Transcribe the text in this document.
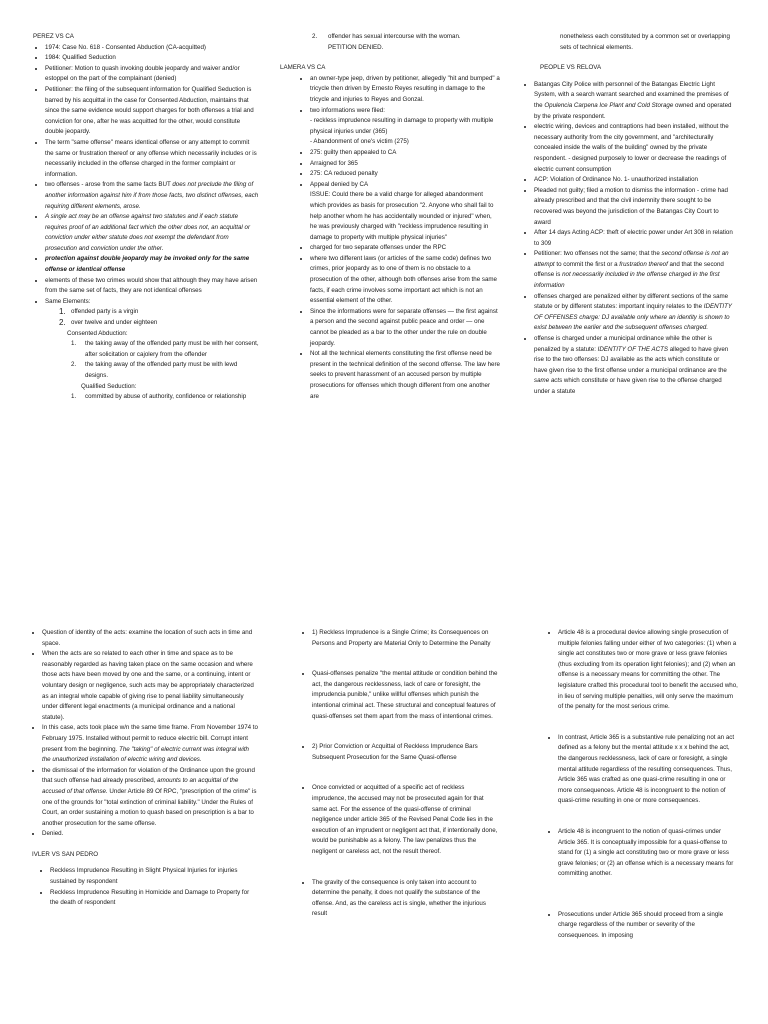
PEREZ VS CA

• 1974: Case No. 618 - Consented Abduction (CA-acquitted)
• 1984: Qualified Seduction
• Petitioner: Motion to quash invoking double jeopardy and waiver and/or estoppel on the part of the complainant (denied)
• Petitioner: the filing of the subsequent information for Qualified Seduction is barred by his acquittal in the case for Consented Abduction, maintains that since the same evidence would support charges for both offenses a trial and conviction for one, after he was acquitted for the other, would constitute double jeopardy.
• The term "same offense" means identical offense or any attempt to commit the same or frustration thereof or any offense which necessarily includes or is necessarily included in the offense charged in the former complaint or information.
• two offenses - arose from the same facts BUT does not preclude the filing of another information against him if from those facts, two distinct offenses, each requiring different elements, arose.
• A single act may be an offense against two statutes and if each statute requires proof of an additional fact which the other does not, an acquittal or conviction under either statute does not exempt the defendant from prosecution and conviction under the other.
• protection against double jeopardy may be invoked only for the same offense or identical offense
• elements of these two crimes would show that although they may have arisen from the same set of facts, they are not identical offenses
• Same Elements:
1. offended party is a virgin
2. over twelve and under eighteen

Consented Abduction:

1.	the taking away of the offended party must be with her consent, after solicitation or cajolery from the offender
2.	the taking away of the offended party must be with lewd designs.

Qualified Seduction:

1.	committed by abuse of authority, confidence or relationship
2.	offender has sexual intercourse with the woman.

PETITION DENIED.

LAMERA VS CA

• an owner-type jeep, driven by petitioner, allegedly "hit and bumped" a tricycle then driven by Ernesto Reyes resulting in damage to the tricycle and injuries to Reyes and Gonzal.
• two informations were filed:
- reckless imprudence resulting in damage to property with multiple physical injuries under (365)
- Abandonment of one's victim (275)
• 275: guilty then appealed to CA
• Arraigned for 365
• 275: CA reduced penalty
• Appeal denied by CA
ISSUE: Could there be a valid charge for alleged abandonment which provides as basis for prosecution "2. Anyone who shall fail to help another whom he has accidentally wounded or injured" when, he was previously charged with "reckless imprudence resulting in damage to property with multiple physical injuries"
• charged for two separate offenses under the RPC
• where two different laws (or articles of the same code) defines two crimes, prior jeopardy as to one of them is no obstacle to a prosecution of the other, although both offenses arise from the same facts, if each crime involves some important act which is not an essential element of the other.
• Since the informations were for separate offenses — the first against a person and the second against public peace and order — one cannot be pleaded as a bar to the other under the rule on double jeopardy.
• Not all the technical elements constituting the first offense need be present in the technical definition of the second offense. The law here seeks to prevent harassment of an accused person by multiple prosecutions for offenses which though different from one another are

nonetheless each constituted by a common set or overlapping sets of technical elements.

PEOPLE VS RELOVA

• Batangas City Police with personnel of the Batangas Electric Light System, with a search warrant searched and examined the premises of the Opulencia Carpena Ice Plant and Cold Storage owned and operated by the private respondent.
• electric wiring, devices and contraptions had been installed, without the necessary authority from the city government, and "architecturally concealed inside the walls of the building" owned by the private respondent. - designed purposely to lower or decrease the readings of electric current consumption
• ACP: Violation of Ordinance No. 1- unauthorized installation
• Pleaded not guilty; filed a motion to dismiss the information - crime had already prescribed and that the civil indemnity there sought to be recovered was beyond the jurisdiction of the Batangas City Court to award
• After 14 days Acting ACP: theft of electric power under Art 308 in relation to 309
• Petitioner: two offenses not the same; that the second offense is not an attempt to commit the first or a frustration thereof and that the second offense is not necessarily included in the offense charged in the first information
• offenses charged are penalized either by different sections of the same statute or by different statutes: important inquiry relates to the IDENTITY OF OFFENSES charge: DJ available only where an identity is shown to exist between the earlier and the subsequent offenses charged.
• offense is charged under a municipal ordinance while the other is penalized by a statute: IDENTITY OF THE ACTS alleged to have given rise to the two offenses: DJ available as the acts which constitute or have given rise to the first offense under a municipal ordinance are the same acts which constitute or have given rise to the offense charged under a statute
• Question of identity of the acts: examine the location of such acts in time and space.
• When the acts are so related to each other in time and space as to be reasonably regarded as having taken place on the same occasion and where those acts have been moved by one and the same, or a continuing, intent or voluntary design or negligence, such acts may be appropriately characterized as an integral whole capable of giving rise to penal liability simultaneously under different legal enactments (a municipal ordinance and a national statute).
• In this case, acts took place w/n the same time frame. From November 1974 to February 1975. Installed without permit to reduce electric bill. Corrupt intent present from the beginning. The "taking" of electric current was integral with the unauthorized installation of electric wiring and devices.
• the dismissal of the information for violation of the Ordinance upon the ground that such offense had already prescribed, amounts to an acquittal of the accused of that offense. Under Article 89 Of RPC, "prescription of the crime" is one of the grounds for "total extinction of criminal liability." Under the Rules of Court, an order sustaining a motion to quash based on prescription is a bar to another prosecution for the same offense.
• Denied.

IVLER VS SAN PEDRO

• Reckless Imprudence Resulting in Slight Physical Injuries for injuries sustained by respondent
• Reckless Imprudence Resulting in Homicide and Damage to Property for the death of respondent
• 1) Reckless Imprudence is a Single Crime; its Consequences on Persons and Property are Material Only to Determine the Penalty
• Quasi-offenses penalize "the mental attitude or condition behind the act, the dangerous recklessness, lack of care or foresight, the imprudencia punible," unlike willful offenses which punish the intentional criminal act. These structural and conceptual features of quasi-offenses set them apart from the mass of intentional crimes.
• 2) Prior Conviction or Acquittal of Reckless Imprudence Bars Subsequent Prosecution for the Same Quasi-offense
• Once convicted or acquitted of a specific act of reckless imprudence, the accused may not be prosecuted again for that same act. For the essence of the quasi-offense of criminal negligence under article 365 of the Revised Penal Code lies in the execution of an imprudent or negligent act that, if intentionally done, would be punishable as a felony. The law penalizes thus the negligent or careless act, not the result thereof.
• The gravity of the consequence is only taken into account to determine the penalty, it does not qualify the substance of the offense. And, as the careless act is single, whether the injurious result
• Article 48 is a procedural device allowing single prosecution of multiple felonies falling under either of two categories: (1) when a single act constitutes two or more grave or less grave felonies (thus excluding from its operation light felonies); and (2) when an offense is a necessary means for committing the other. The legislature crafted this procedural tool to benefit the accused who, in lieu of serving multiple penalties, will only serve the maximum of the penalty for the most serious crime.
• In contrast, Article 365 is a substantive rule penalizing not an act defined as a felony but the mental attitude x x x behind the act, the dangerous recklessness, lack of care or foresight, a single mental attitude regardless of the resulting consequences. Thus, Article 365 was crafted as one quasi-crime resulting in one or more consequences. Article 48 is incongruent to the notion of quasi-crime resulting in one or more consequences.
• Article 48 is incongruent to the notion of quasi-crimes under Article 365. It is conceptually impossible for a quasi-offense to stand for (1) a single act constituting two or more grave or less grave felonies; or (2) an offense which is a necessary means for committing another.
• Prosecutions under Article 365 should proceed from a single charge regardless of the number or severity of the consequences. In imposing
